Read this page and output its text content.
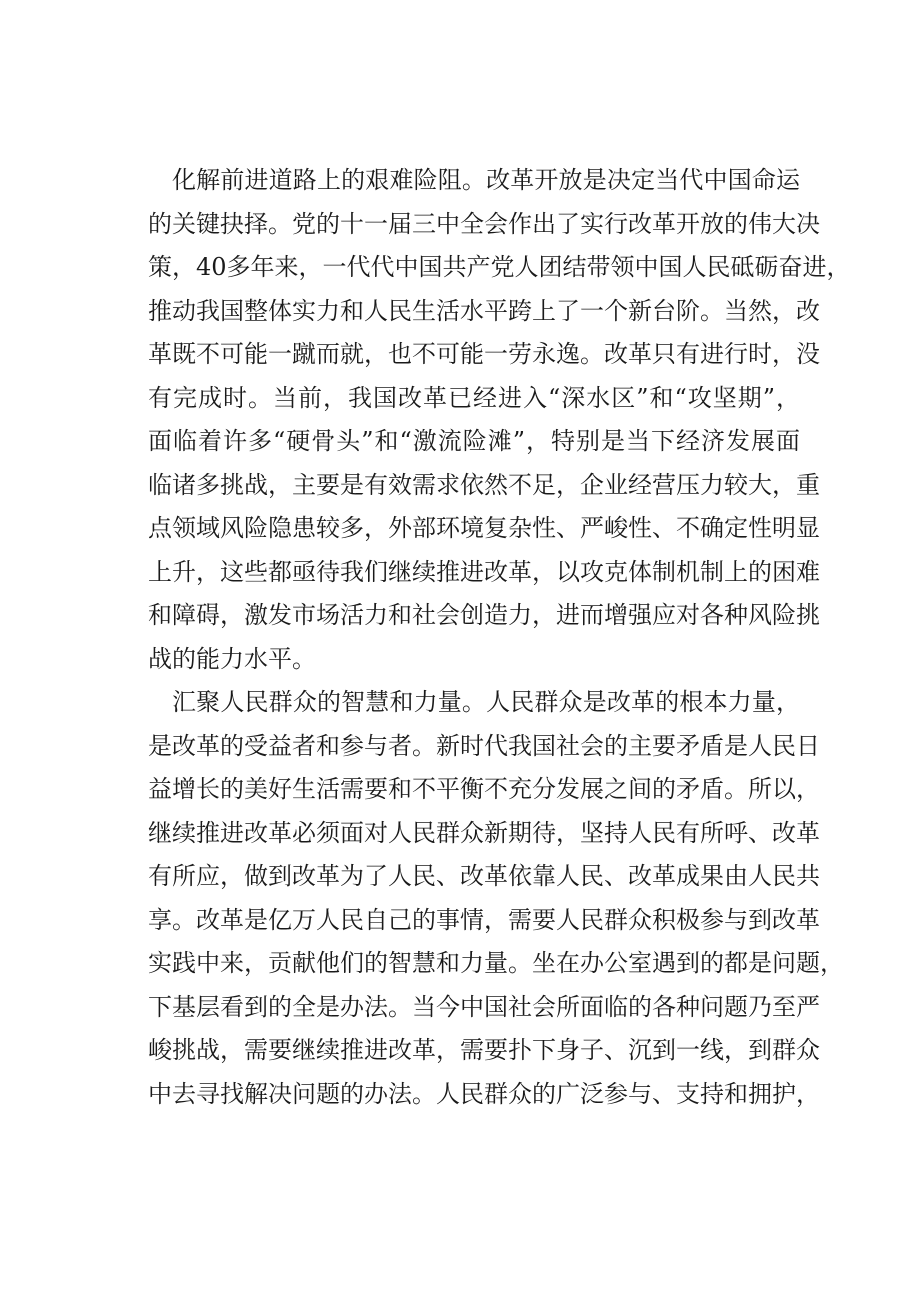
化解前进道路上的艰难险阻。改革开放是决定当代中国命运
的关键抉择。党的十一届三中全会作出了实行改革开放的伟大决
策，40多年来，一代代中国共产党人团结带领中国人民砥砺奋进，
推动我国整体实力和人民生活水平跨上了一个新台阶。当然，改
革既不可能一蹴而就，也不可能一劳永逸。改革只有进行时，没
有完成时。当前，我国改革已经进入“深水区”和“攻坚期”，
面临着许多“硬骨头”和“激流险滩”，特别是当下经济发展面
临诸多挑战，主要是有效需求依然不足，企业经营压力较大，重
点领域风险隐患较多，外部环境复杂性、严峻性、不确定性明显
上升，这些都亟待我们继续推进改革，以攻克体制机制上的困难
和障碍，激发市场活力和社会创造力，进而增强应对各种风险挑
战的能力水平。
汇聚人民群众的智慧和力量。人民群众是改革的根本力量，
是改革的受益者和参与者。新时代我国社会的主要矛盾是人民日
益增长的美好生活需要和不平衡不充分发展之间的矛盾。所以，
继续推进改革必须面对人民群众新期待，坚持人民有所呼、改革
有所应，做到改革为了人民、改革依靠人民、改革成果由人民共
享。改革是亿万人民自己的事情，需要人民群众积极参与到改革
实践中来，贡献他们的智慧和力量。坐在办公室遇到的都是问题，
下基层看到的全是办法。当今中国社会所面临的各种问题乃至严
峻挑战，需要继续推进改革，需要扑下身子、沉到一线，到群众
中去寻找解决问题的办法。人民群众的广泛参与、支持和拥护，
